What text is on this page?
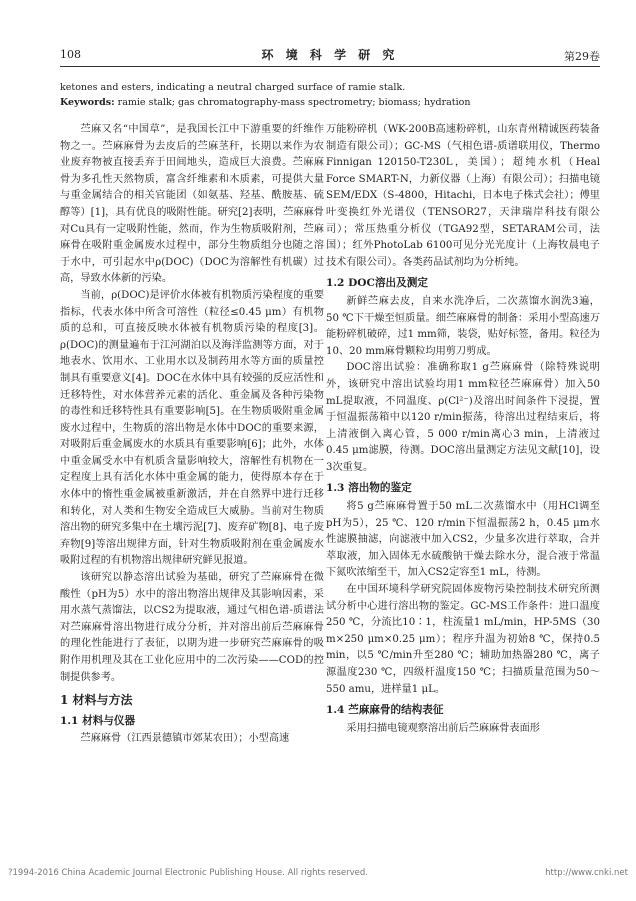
108	环 境 科 学 研 究	第29卷
ketones and esters, indicating a neutral charged surface of ramie stalk.
Keywords: ramie stalk; gas chromatography-mass spectrometry; biomass; hydration

苎麻又名“中国草”，是我国长江中下游重要的纤维作物之一。苎麻麻骨为去皮后的苎麻茎秆，长期以来作为农业废弃物被直接丢弃于田间地头，造成巨大浪费。苎麻麻骨为多孔性天然物质，富含纤维素和木质素，可提供大量与重金属结合的相关官能团（如氨基、羟基、酰胺基、硫醇等）[1]，具有优良的吸附性能。研究[2]表明，苎麻麻骨对Cu具有一定吸附性能，然而，作为生物质吸附剂，苎麻麻骨在吸附重金属废水过程中，部分生物质组分也随之溶于水中，可引起水中ρ(DOC)（DOC为溶解性有机碳）过高，导致水体新的污染。

当前，ρ(DOC)是评价水体被有机物质污染程度的重要指标，代表水体中所含可溶性（粒径≤0.45 μm）有机物质的总和，可直接反映水体被有机物质污染的程度[3]。ρ(DOC)的测量遍布于江河湖泊以及海洋监测等方面，对于地表水、饮用水、工业用水以及制药用水等方面的质量控制具有重要意义[4]。DOC在水体中具有较强的反应活性和迁移特性，对水体营养元素的活化、重金属及各种污染物的毒性和迁移特性具有重要影响[5]。在生物质吸附重金属废水过程中，生物质的溶出物是水体中DOC的重要来源，对吸附后重金属废水的水质具有重要影响[6]；此外，水体中重金属受水中有机质含量影响较大，溶解性有机物在一定程度上具有活化水体中重金属的能力，使得原本存在于水体中的惰性重金属被重新激活，并在自然界中进行迁移和转化，对人类和生物安全造成巨大威胁。当前对生物质溶出物的研究多集中在土壤污泥[7]、废弃矿物[8]、电子废弃物[9]等溶出规律方面，针对生物质吸附剂在重金属废水吸附过程的有机物溶出规律研究鲜见报道。

该研究以静态溶出试验为基础，研究了苎麻麻骨在微酸性（pH为5）水中的溶出物溶出规律及其影响因素，采用水蒸气蒸馏法，以CS2为提取液，通过气相色谱-质谱法对苎麻麻骨溶出物进行成分分析，并对溶出前后苎麻麻骨的理化性能进行了表征，以期为进一步研究苎麻麻骨的吸附作用机理及其在工业化应用中的二次污染——COD的控制提供参考。

1 材料与方法
1.1 材料与仪器

苎麻麻骨（江西景德镇市郊某农田）；小型高速

万能粉碎机（WK-200B高速粉碎机，山东青州精诚医药装备制造有限公司）；GC-MS（气相色谱-质谱联用仪，Thermo Finnigan 120150-T230L，美国）；超纯水机（Heal Force SMART-N，力新仪器（上海）有限公司）；扫描电镜SEM/EDX（S-4800，Hitachi，日本电子株式会社）；傅里叶变换红外光谱仪（TENSOR27，天津瑞岸科技有限公司）；常压热重分析仪（TGA92型，SETARAM公司，法国）；红外PhotoLab 6100可见分光光度计（上海牧晨电子技术有限公司）。各类药品试剂均为分析纯。

1.2 DOC溶出及测定

新鲜苎麻去皮，自来水洗净后，二次蒸馏水润洗3遍，50 ℃下干燥至恒质量。细苎麻麻骨的制备：采用小型高速万能粉碎机破碎，过1 mm筛，装袋，贴好标签，备用。粒径为10、20 mm麻骨颗粒均用剪刀剪成。

DOC溶出试验：准确称取1 g苎麻麻骨（除特殊说明外，该研究中溶出试验均用1 mm粒径苎麻麻骨）加入50 mL提取液，不同温度、ρ(Cl²⁻)及溶出时间条件下浸提，置于恒温振荡箱中以120 r/min振荡，待溶出过程结束后，将上清液倒入离心管，5 000 r/min离心3 min，上清液过0.45 μm滤膜，待测。DOC溶出量测定方法见文献[10]，设3次重复。

1.3 溶出物的鉴定

将5 g苎麻麻骨置于50 mL二次蒸馏水中（用HCl调至pH为5），25 ℃、120 r/min下恒温振荡2 h，0.45 μm水性滤膜抽滤，向滤液中加入CS2，少量多次进行萃取，合并萃取液，加入固体无水硫酸钠干燥去除水分，混合液于常温下氮吹浓缩至干，加入CS2定容至1 mL，待测。

在中国环境科学研究院固体废物污染控制技术研究所测试分析中心进行溶出物的鉴定。GC-MS工作条件：进口温度250 ℃，分流比10∶1，柱流量1 mL/min，HP-5MS（30 m×250 μm×0.25 μm）；程序升温为初始8 ℃，保持0.5 min，以5 ℃/min升至280 ℃；辅助加热器280 ℃，离子源温度230 ℃，四级杆温度150 ℃；扫描质量范围为50～550 amu，进样量1 μL。

1.4 苎麻麻骨的结构表征

采用扫描电镜观察溶出前后苎麻麻骨表面形

?1994-2016 China Academic Journal Electronic Publishing House. All rights reserved.	http://www.cnki.net
